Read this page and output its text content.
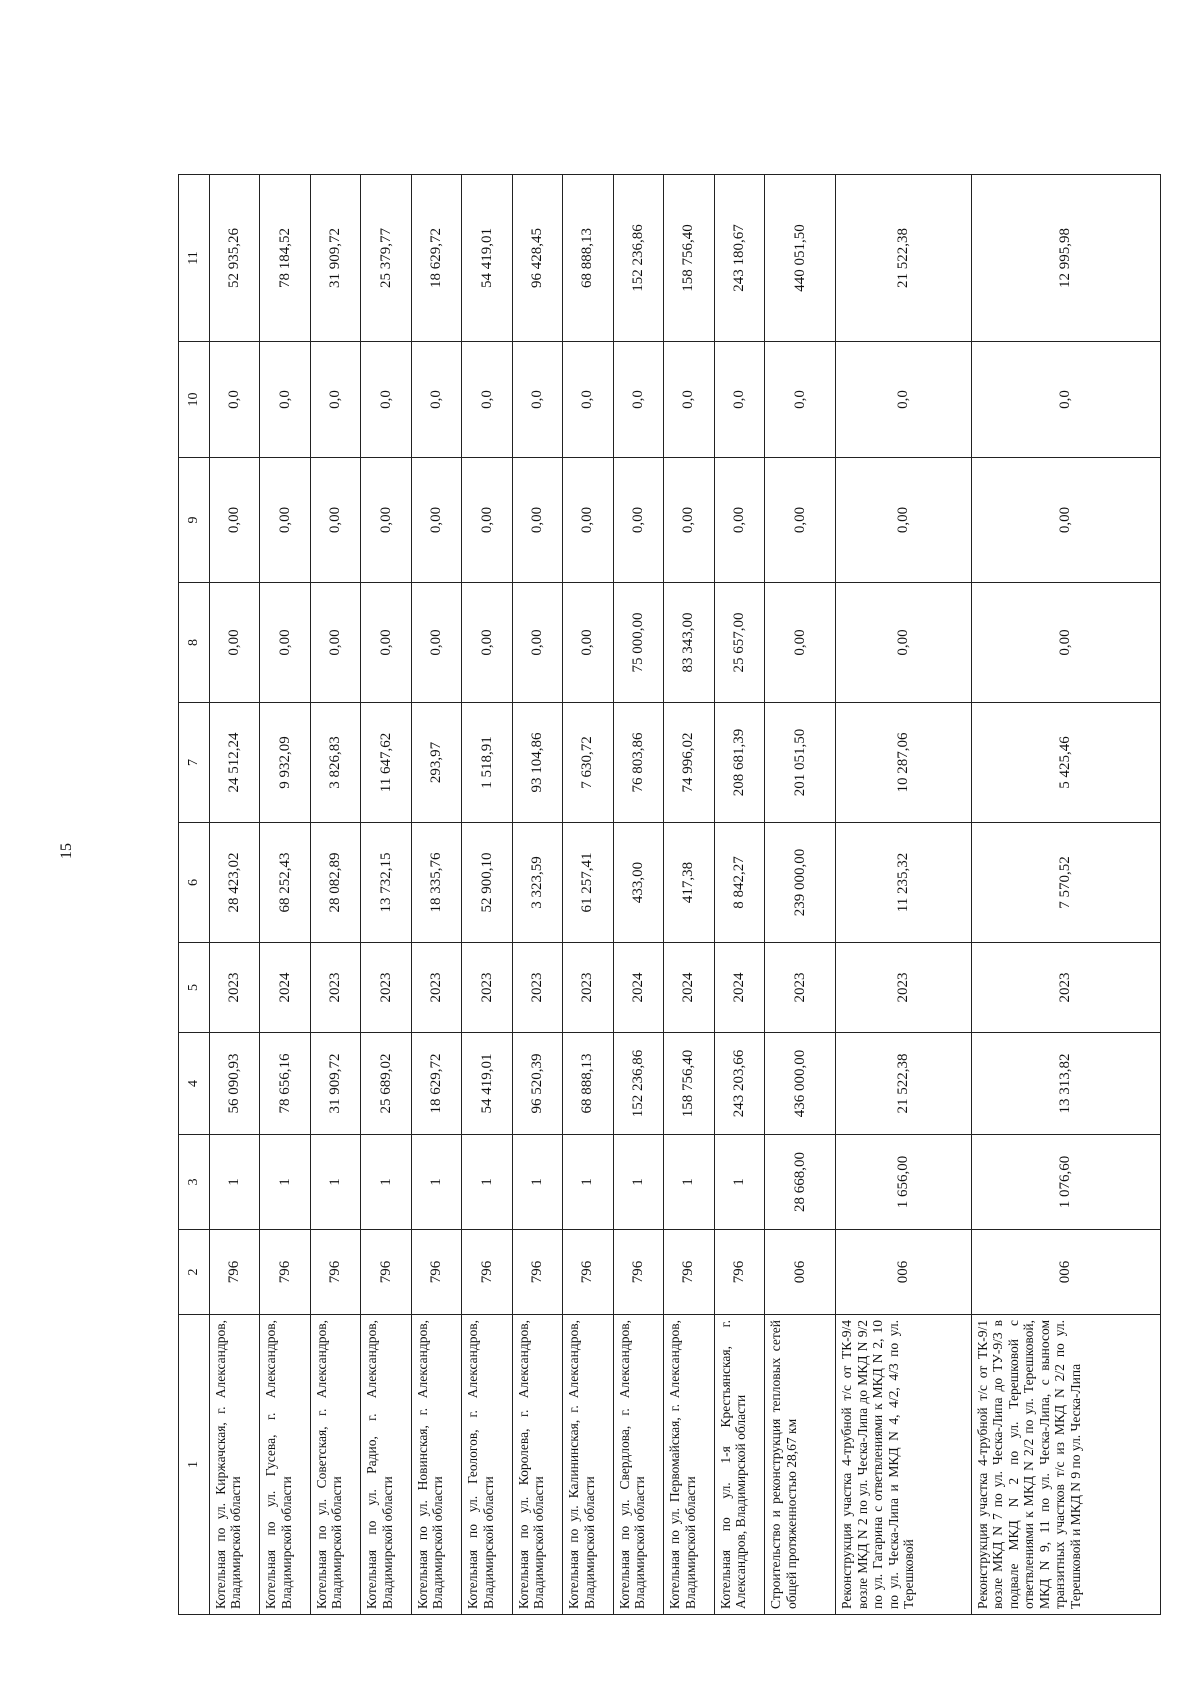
15
1	2	3	4	5	6	7	8	9	10	11
Котельная по ул. Киржачская, г. Александров, Владимирской области	796	1	56 090,93	2023	28 423,02	24 512,24	0,00	0,00	0,0	52 935,26
Котельная по ул. Гусева, г. Александров, Владимирской области	796	1	78 656,16	2024	68 252,43	9 932,09	0,00	0,00	0,0	78 184,52
Котельная по ул. Советская, г. Александров, Владимирской области	796	1	31 909,72	2023	28 082,89	3 826,83	0,00	0,00	0,0	31 909,72
Котельная по ул. Радио, г. Александров, Владимирской области	796	1	25 689,02	2023	13 732,15	11 647,62	0,00	0,00	0,0	25 379,77
Котельная по ул. Новинская, г. Александров, Владимирской области	796	1	18 629,72	2023	18 335,76	293,97	0,00	0,00	0,0	18 629,72
Котельная по ул. Геологов, г. Александров, Владимирской области	796	1	54 419,01	2023	52 900,10	1 518,91	0,00	0,00	0,0	54 419,01
Котельная по ул. Королева, г. Александров, Владимирской области	796	1	96 520,39	2023	3 323,59	93 104,86	0,00	0,00	0,0	96 428,45
Котельная по ул. Калининская, г. Александров, Владимирской области	796	1	68 888,13	2023	61 257,41	7 630,72	0,00	0,00	0,0	68 888,13
Котельная по ул. Свердлова, г. Александров, Владимирской области	796	1	152 236,86	2024	433,00	76 803,86	75 000,00	0,00	0,0	152 236,86
Котельная по ул. Первомайская, г. Александров, Владимирской области	796	1	158 756,40	2024	417,38	74 996,02	83 343,00	0,00	0,0	158 756,40
Котельная по ул. 1-я Крестьянская, г. Александров, Владимирской области	796	1	243 203,66	2024	8 842,27	208 681,39	25 657,00	0,00	0,0	243 180,67
Строительство и реконструкция тепловых сетей общей протяженностью 28,67 км	006	28 668,00	436 000,00	2023	239 000,00	201 051,50	0,00	0,00	0,0	440 051,50
Реконструкция участка 4-трубной т/с от ТК-9/4 возле МКД N 2 по ул. Ческа-Липа до МКД N 9/2 по ул. Гагарина с ответвлениями к МКД N 2, 10 по ул. Ческа-Липа и МКД N 4, 4/2, 4/3 по ул. Терешковой	006	1 656,00	21 522,38	2023	11 235,32	10 287,06	0,00	0,00	0,0	21 522,38
Реконструкция участка 4-трубной т/с от ТК-9/1 возле МКД N 7 по ул. Ческа-Липа до ТУ-9/3 в подвале МКД N 2 по ул. Терешковой с ответвлениями к МКД N 2/2 по ул. Терешковой, МКД N 9, 11 по ул. Ческа-Липа, с выносом транзитных участков т/с из МКД N 2/2 по ул. Терешковой и МКД N 9 по ул. Ческа-Липа	006	1 076,60	13 313,82	2023	7 570,52	5 425,46	0,00	0,00	0,0	12 995,98
